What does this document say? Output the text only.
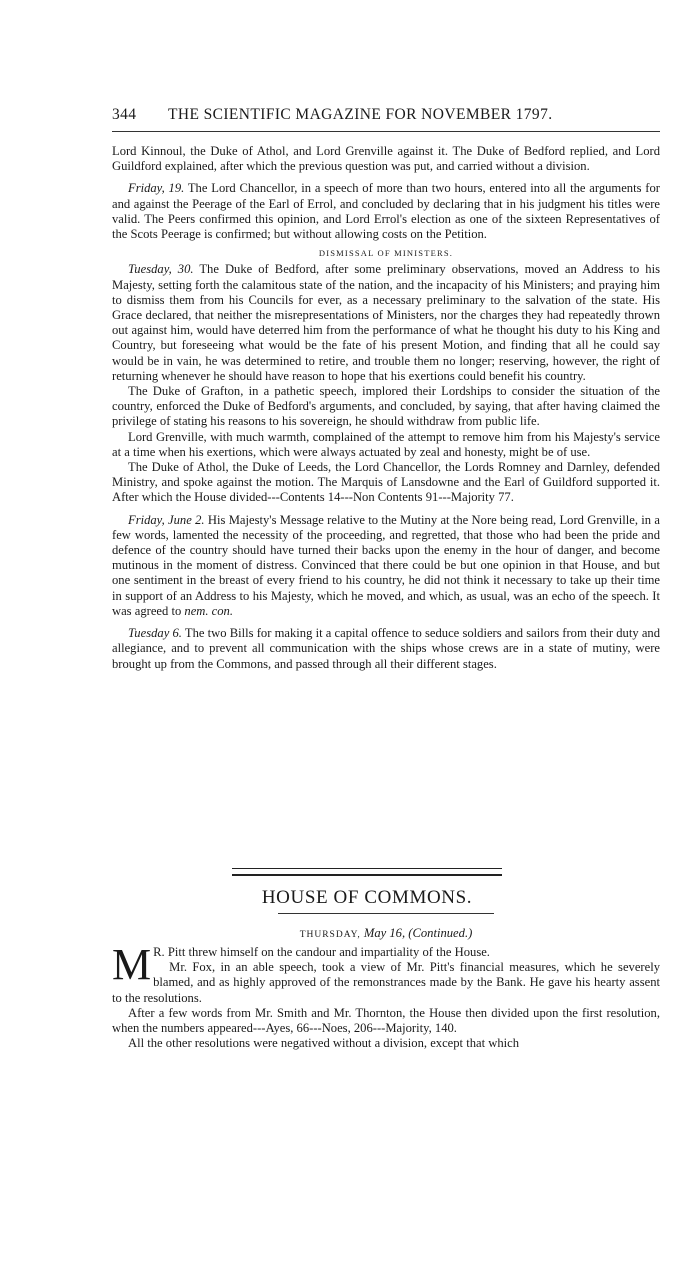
344	THE SCIENTIFIC MAGAZINE FOR NOVEMBER 1797.

Lord Kinnoul, the Duke of Athol, and Lord Grenville against it. The Duke of Bedford replied, and Lord Guildford explained, after which the previous question was put, and carried without a division.

Friday, 19. The Lord Chancellor, in a speech of more than two hours, entered into all the arguments for and against the Peerage of the Earl of Errol, and concluded by declaring that in his judgment his titles were valid. The Peers confirmed this opinion, and Lord Errol's election as one of the sixteen Representatives of the Scots Peerage is confirmed; but without allowing costs on the Petition.

DISMISSAL OF MINISTERS.

Tuesday, 30. The Duke of Bedford, after some preliminary observations, moved an Address to his Majesty, setting forth the calamitous state of the nation, and the incapacity of his Ministers; and praying him to dismiss them from his Councils for ever, as a necessary preliminary to the salvation of the state. His Grace declared, that neither the misrepresentations of Ministers, nor the charges they had repeatedly thrown out against him, would have deterred him from the performance of what he thought his duty to his King and Country, but foreseeing what would be the fate of his present Motion, and finding that all he could say would be in vain, he was determined to retire, and trouble them no longer; reserving, however, the right of returning whenever he should have reason to hope that his exertions could benefit his country.

The Duke of Grafton, in a pathetic speech, implored their Lordships to consider the situation of the country, enforced the Duke of Bedford's arguments, and concluded, by saying, that after having claimed the privilege of stating his reasons to his sovereign, he should withdraw from public life.

Lord Grenville, with much warmth, complained of the attempt to remove him from his Majesty's service at a time when his exertions, which were always actuated by zeal and honesty, might be of use.

The Duke of Athol, the Duke of Leeds, the Lord Chancellor, the Lords Romney and Darnley, defended Ministry, and spoke against the motion. The Marquis of Lansdowne and the Earl of Guildford supported it. After which the House divided---Contents 14---Non Contents 91---Majority 77.

Friday, June 2. His Majesty's Message relative to the Mutiny at the Nore being read, Lord Grenville, in a few words, lamented the necessity of the proceeding, and regretted, that those who had been the pride and defence of the country should have turned their backs upon the enemy in the hour of danger, and become mutinous in the moment of distress. Convinced that there could be but one opinion in that House, and but one sentiment in the breast of every friend to his country, he did not think it necessary to take up their time in support of an Address to his Majesty, which he moved, and which, as usual, was an echo of the speech. It was agreed to nem. con.

Tuesday 6. The two Bills for making it a capital offence to seduce soldiers and sailors from their duty and allegiance, and to prevent all communication with the ships whose crews are in a state of mutiny, were brought up from the Commons, and passed through all their different stages.

HOUSE OF COMMONS.
THURSDAY, May 16, (Continued.)

MR. Pitt threw himself on the candour and impartiality of the House.

Mr. Fox, in an able speech, took a view of Mr. Pitt's financial measures, which he severely blamed, and as highly approved of the remonstrances made by the Bank. He gave his hearty assent to the resolutions.

After a few words from Mr. Smith and Mr. Thornton, the House then divided upon the first resolution, when the numbers appeared---Ayes, 66---Noes, 206---Majority, 140.

All the other resolutions were negatived without a division, except that which
